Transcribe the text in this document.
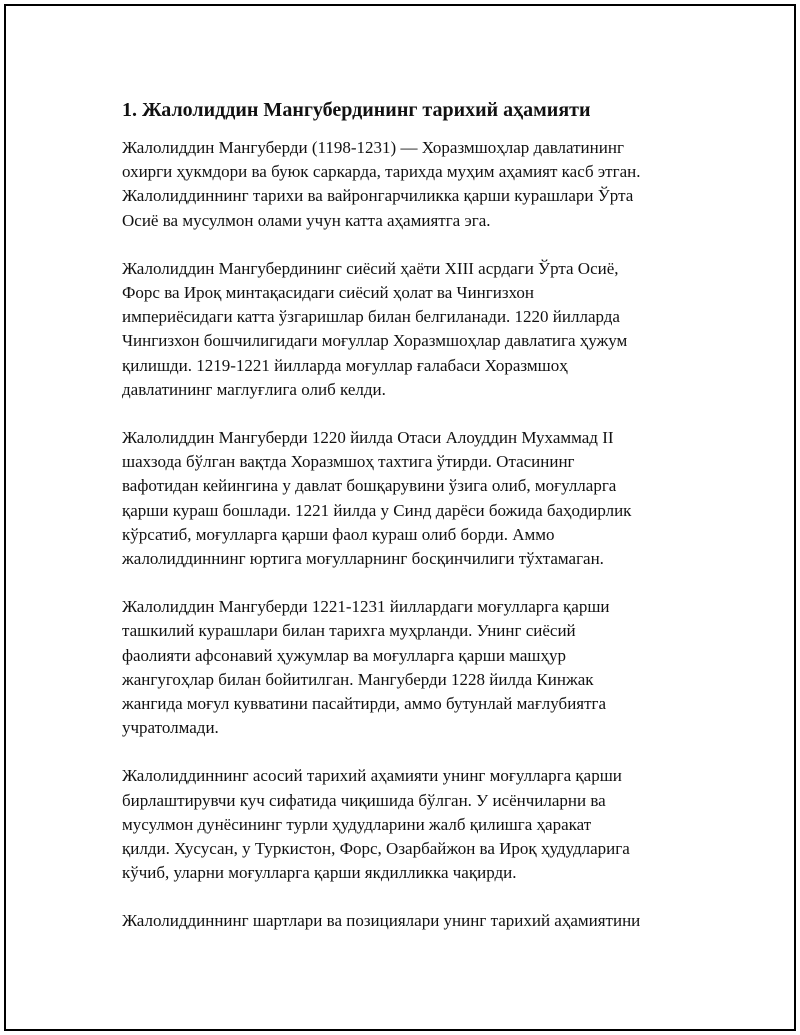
1. Жалолиддин Мангубердининг тарихий аҳамияти

Жалолиддин Мангуберди (1198-1231) — Хоразмшоҳлар давлатининг
охирги ҳукмдори ва буюк саркарда, тарихда муҳим аҳамият касб этган.
Жалолиддиннинг тарихи ва вайронгарчиликка қарши курашлари Ўрта
Осиё ва мусулмон олами учун катта аҳамиятга эга.

Жалолиддин Мангубердининг сиёсий ҳаёти XIII асрдаги Ўрта Осиё,
Форс ва Ироқ минтақасидаги сиёсий ҳолат ва Чингизхон
империёсидаги катта ўзгаришлар билан белгиланади. 1220 йилларда
Чингизхон бошчилигидаги моғуллар Хоразмшоҳлар давлатига ҳужум
қилишди. 1219-1221 йилларда моғуллар ғалабаси Хоразмшоҳ
давлатининг маглуғлига олиб келди.

Жалолиддин Мангуберди 1220 йилда Отаси Алоуддин Мухаммад II
шахзода бўлган вақтда Хоразмшоҳ тахтига ўтирди. Отасининг
вафотидан кейингина у давлат бошқарувини ўзига олиб, моғулларга
қарши кураш бошлади. 1221 йилда у Синд дарёси божида баҳодирлик
кўрсатиб, моғулларга қарши фаол кураш олиб борди. Аммо
жалолиддиннинг юртига моғулларнинг босқинчилиги тўхтамаган.

Жалолиддин Мангуберди 1221-1231 йиллардаги моғулларга қарши
ташкилий курашлари билан тарихга муҳрланди. Унинг сиёсий
фаолияти афсонавий ҳужумлар ва моғулларга қарши машҳур
жангугоҳлар билан бойитилган. Мангуберди 1228 йилда Кинжак
жангида моғул кувватини пасайтирди, аммо бутунлай мағлубиятга
учратолмади.

Жалолиддиннинг асосий тарихий аҳамияти унинг моғулларга қарши
бирлаштирувчи куч сифатида чиқишида бўлган. У исёнчиларни ва
мусулмон дунёсининг турли ҳудудларини жалб қилишга ҳаракат
қилди. Хусусан, у Туркистон, Форс, Озарбайжон ва Ироқ ҳудудларига
кўчиб, уларни моғулларга қарши якдилликка чақирди.

Жалолиддиннинг шартлари ва позициялари унинг тарихий аҳамиятини
